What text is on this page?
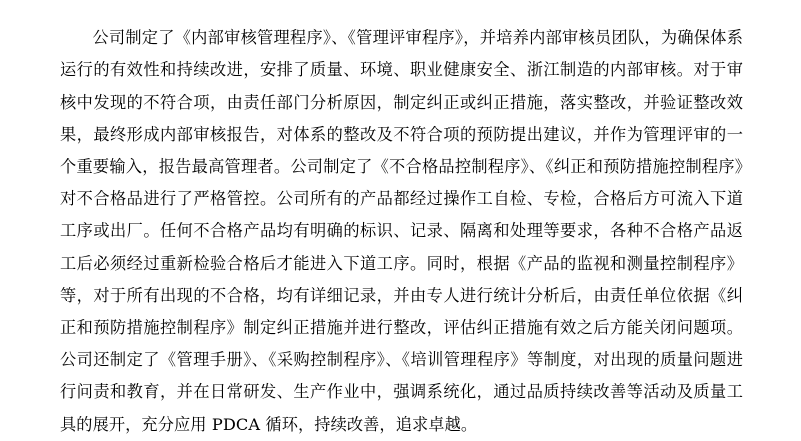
公司制定了《内部审核管理程序》、《管理评审程序》，并培养内部审核员团队，为确保体系运行的有效性和持续改进，安排了质量、环境、职业健康安全、浙江制造的内部审核。对于审核中发现的不符合项，由责任部门分析原因，制定纠正或纠正措施，落实整改，并验证整改效果，最终形成内部审核报告，对体系的整改及不符合项的预防提出建议，并作为管理评审的一个重要输入，报告最高管理者。公司制定了《不合格品控制程序》、《纠正和预防措施控制程序》对不合格品进行了严格管控。公司所有的产品都经过操作工自检、专检，合格后方可流入下道工序或出厂。任何不合格产品均有明确的标识、记录、隔离和处理等要求，各种不合格产品返工后必须经过重新检验合格后才能进入下道工序。同时，根据《产品的监视和测量控制程序》等，对于所有出现的不合格，均有详细记录，并由专人进行统计分析后，由责任单位依据《纠正和预防措施控制程序》制定纠正措施并进行整改，评估纠正措施有效之后方能关闭问题项。公司还制定了《管理手册》、《采购控制程序》、《培训管理程序》等制度，对出现的质量问题进行问责和教育，并在日常研发、生产作业中，强调系统化，通过品质持续改善等活动及质量工具的展开，充分应用 PDCA 循环，持续改善，追求卓越。
